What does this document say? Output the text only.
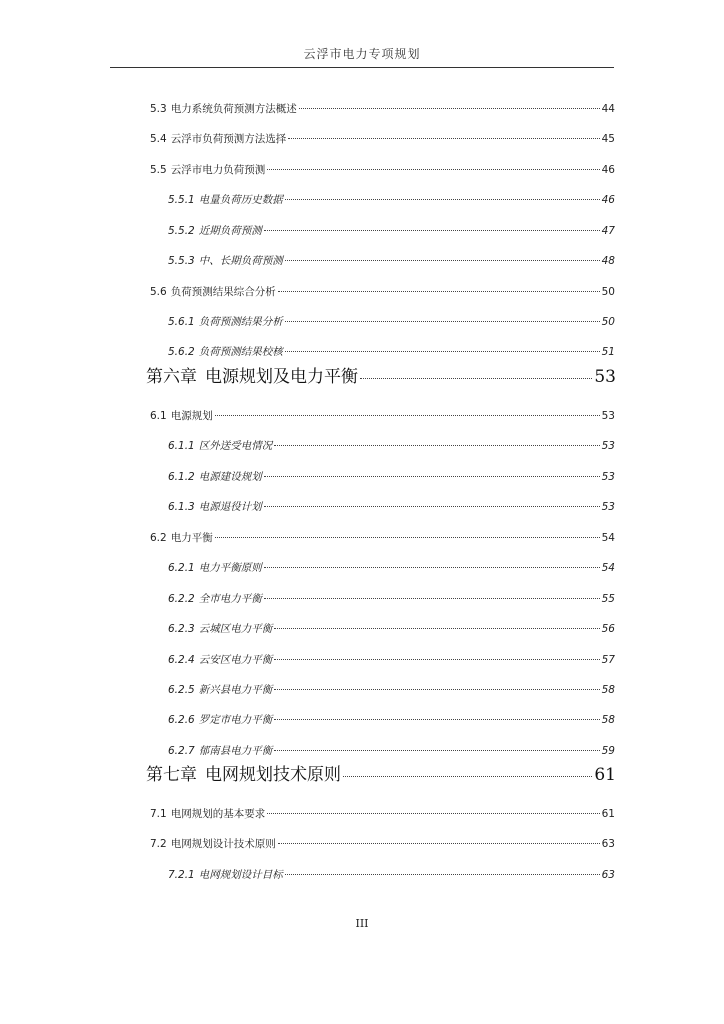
云浮市电力专项规划
5.3 电力系统负荷预测方法概述	44
5.4 云浮市负荷预测方法选择	45
5.5 云浮市电力负荷预测	46
5.5.1 电量负荷历史数据	46
5.5.2 近期负荷预测	47
5.5.3 中、长期负荷预测	48
5.6 负荷预测结果综合分析	50
5.6.1 负荷预测结果分析	50
5.6.2 负荷预测结果校核	51
第六章 电源规划及电力平衡	53
6.1 电源规划	53
6.1.1 区外送受电情况	53
6.1.2 电源建设规划	53
6.1.3 电源退役计划	53
6.2 电力平衡	54
6.2.1 电力平衡原则	54
6.2.2 全市电力平衡	55
6.2.3 云城区电力平衡	56
6.2.4 云安区电力平衡	57
6.2.5 新兴县电力平衡	58
6.2.6 罗定市电力平衡	58
6.2.7 郁南县电力平衡	59
第七章 电网规划技术原则	61
7.1 电网规划的基本要求	61
7.2 电网规划设计技术原则	63
7.2.1 电网规划设计目标	63
III
